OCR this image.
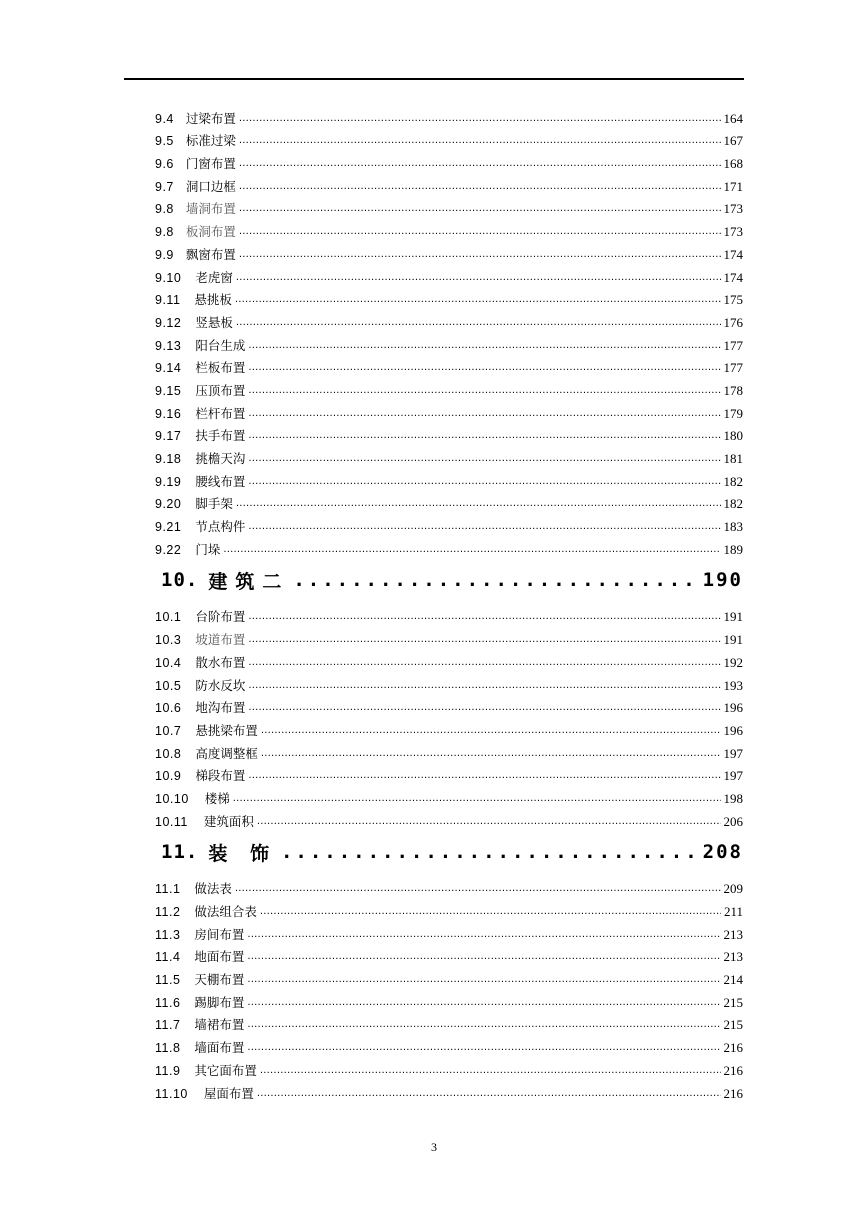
9.4 过梁布置 .....	164
9.5 标准过梁 .....	167
9.6 门窗布置 .....	168
9.7 洞口边框 .....	171
9.8 墙洞布置 .....	173
9.8 板洞布置 .....	173
9.9 飘窗布置 .....	174
9.10 老虎窗 .....	174
9.11 悬挑板 .....	175
9.12 竖悬板 .....	176
9.13 阳台生成 .....	177
9.14 栏板布置 .....	177
9.15 压顶布置 .....	178
9.16 栏杆布置 .....	179
9.17 扶手布置 .....	180
9.18 挑檐天沟 .....	181
9.19 腰线布置 .....	182
9.20 脚手架 .....	182
9.21 节点构件 .....	183
9.22 门垛 .....	189
10. 建筑二 .....	190
10.1 台阶布置 .....	191
10.3 坡道布置 .....	191
10.4 散水布置 .....	192
10.5 防水反坎 .....	193
10.6 地沟布置 .....	196
10.7 悬挑梁布置 .....	196
10.8 高度调整框 .....	197
10.9 梯段布置 .....	197
10.10 楼梯 .....	198
10.11 建筑面积 .....	206
11. 装 饰 .....	208
11.1 做法表 .....	209
11.2 做法组合表 .....	211
11.3 房间布置 .....	213
11.4 地面布置 .....	213
11.5 天棚布置 .....	214
11.6 踢脚布置 .....	215
11.7 墙裙布置 .....	215
11.8 墙面布置 .....	216
11.9 其它面布置 .....	216
11.10 屋面布置 .....	216
3
